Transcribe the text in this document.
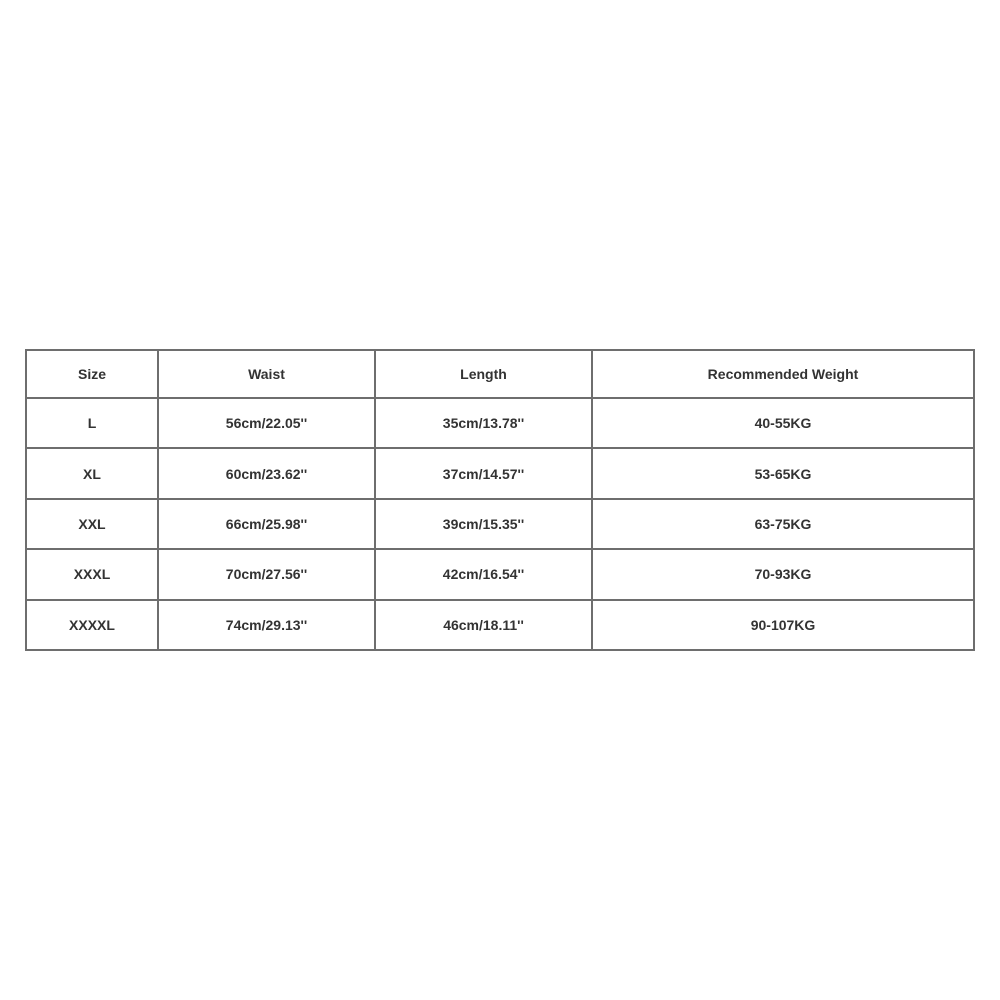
Size	Waist	Length	Recommended Weight
L	56cm/22.05''	35cm/13.78''	40-55KG
XL	60cm/23.62''	37cm/14.57''	53-65KG
XXL	66cm/25.98''	39cm/15.35''	63-75KG
XXXL	70cm/27.56''	42cm/16.54''	70-93KG
XXXXL	74cm/29.13''	46cm/18.11''	90-107KG
